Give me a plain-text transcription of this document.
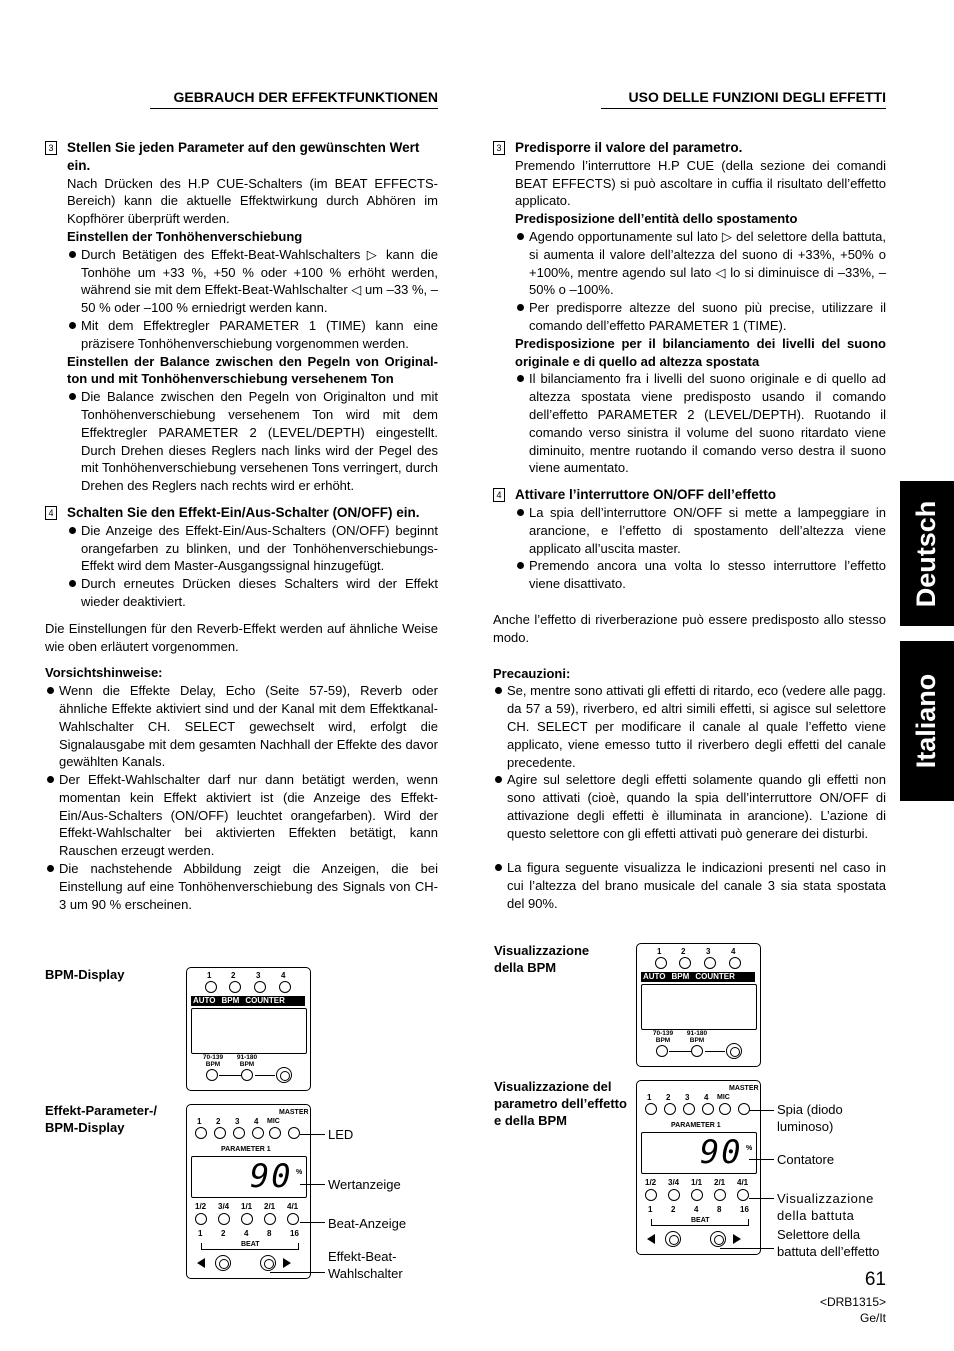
GEBRAUCH DER EFFEKTFUNKTIONEN
3 Stellen Sie jeden Parameter auf den gewünschten Wert ein.

Nach Drücken des H.P CUE-Schalters (im BEAT EFFECTS-Bereich) kann die aktuelle Effektwirkung durch Abhören im Kopfhörer überprüft werden.

Einstellen der Tonhöhenverschiebung

Durch Betätigen des Effekt-Beat-Wahlschalters ▷ kann die Tonhöhe um +33 %, +50 % oder +100 % erhöht werden, während sie mit dem Effekt-Beat-Wahlschalter ◁ um –33 %, –50 % oder –100 % erniedrigt werden kann.

Mit dem Effektregler PARAMETER 1 (TIME) kann eine präzisere Tonhöhenverschiebung vorgenommen werden.

Einstellen der Balance zwischen den Pegeln von Original-ton und mit Tonhöhenverschiebung versehenem Ton

Die Balance zwischen den Pegeln von Originalton und mit Tonhöhenverschiebung versehenem Ton wird mit dem Effektregler PARAMETER 2 (LEVEL/DEPTH) eingestellt. Durch Drehen dieses Reglers nach links wird der Pegel des mit Tonhöhenverschiebung versehenen Tons verringert, durch Drehen des Reglers nach rechts wird er erhöht.

4 Schalten Sie den Effekt-Ein/Aus-Schalter (ON/OFF) ein.

Die Anzeige des Effekt-Ein/Aus-Schalters (ON/OFF) beginnt orangefarben zu blinken, und der Tonhöhenverschiebungs-Effekt wird dem Master-Ausgangssignal hinzugefügt.

Durch erneutes Drücken dieses Schalters wird der Effekt wieder deaktiviert.

Die Einstellungen für den Reverb-Effekt werden auf ähnliche Weise wie oben erläutert vorgenommen.

Vorsichtshinweise:

Wenn die Effekte Delay, Echo (Seite 57-59), Reverb oder ähnliche Effekte aktiviert sind und der Kanal mit dem Effektkanal-Wahlschalter CH. SELECT gewechselt wird, erfolgt die Signalausgabe mit dem gesamten Nachhall der Effekte des davor gewählten Kanals.

Der Effekt-Wahlschalter darf nur dann betätigt werden, wenn momentan kein Effekt aktiviert ist (die Anzeige des Effekt-Ein/Aus-Schalters (ON/OFF) leuchtet orangefarben). Wird der Effekt-Wahlschalter bei aktivierten Effekten betätigt, kann Rauschen erzeugt werden.

Die nachstehende Abbildung zeigt die Anzeigen, die bei Einstellung auf eine Tonhöhenverschiebung des Signals von CH-3 um 90 % erscheinen.

BPM-Display
Effekt-Parameter-/ BPM-Display	LED
Wertanzeige
Beat-Anzeige
Effekt-Beat-Wahlschalter
USO DELLE FUNZIONI DEGLI EFFETTI
3 Predisporre il valore del parametro.

Premendo l’interruttore H.P CUE (della sezione dei comandi BEAT EFFECTS) si può ascoltare in cuffia il risultato dell’effetto applicato.

Predisposizione dell’entità dello spostamento

Agendo opportunamente sul lato ▷ del selettore della battuta, si aumenta il valore dell’altezza del suono di +33%, +50% o +100%, mentre agendo sul lato ◁ lo si diminuisce di –33%, –50% o –100%.

Per predisporre altezze del suono più precise, utilizzare il comando dell’effetto PARAMETER 1 (TIME).

Predisposizione per il bilanciamento dei livelli del suono originale e di quello ad altezza spostata

Il bilanciamento fra i livelli del suono originale e di quello ad altezza spostata viene predisposto usando il comando dell’effetto PARAMETER 2 (LEVEL/DEPTH). Ruotando il comando verso sinistra il volume del suono ritardato viene diminuito, mentre ruotando il comando verso destra il suono viene aumentato.

4 Attivare l’interruttore ON/OFF dell’effetto

La spia dell’interruttore ON/OFF si mette a lampeggiare in arancione, e l’effetto di spostamento dell’altezza viene applicato all’uscita master.

Premendo ancora una volta lo stesso interruttore l’effetto viene disattivato.

Anche l’effetto di riverberazione può essere predisposto allo stesso modo.

Precauzioni:

Se, mentre sono attivati gli effetti di ritardo, eco (vedere alle pagg. da 57 a 59), riverbero, ed altri simili effetti, si agisce sul selettore CH. SELECT per modificare il canale al quale l’effetto viene applicato, viene emesso tutto il riverbero degli effetti del canale precedente.

Agire sul selettore degli effetti solamente quando gli effetti non sono attivati (cioè, quando la spia dell’interruttore ON/OFF di attivazione degli effetti è illuminata in arancione). L’azione di questo selettore con gli effetti attivati può generare dei disturbi.

La figura seguente visualizza le indicazioni presenti nel caso in cui l’altezza del brano musicale del canale 3 sia stata spostata del 90%.

Visualizzazione della BPM
Visualizzazione del parametro dell’effetto e della BPM
Spia (diodo luminoso)
Contatore
Visualizzazione della battuta
Selettore della battuta dell’effetto
1 2	3	4
AUTO BPM COUNTER
70-139 BPM
91-180 BPM
MASTER
1 2 3 4 MIC
PARAMETER 1
90 %
1/2
1
3/4
2
1/1
4
2/1
8
4/1
16
BEAT
1 2	3	4
AUTO BPM COUNTER
70-139 BPM
91-180 BPM
MASTER
1 2 3 4 MIC
PARAMETER 1
90 %
1/2
1
3/4
2
1/1
4
2/1
8
4/1
16
BEAT
Deutsch
Italiano
61
<DRB1315>
Ge/It
